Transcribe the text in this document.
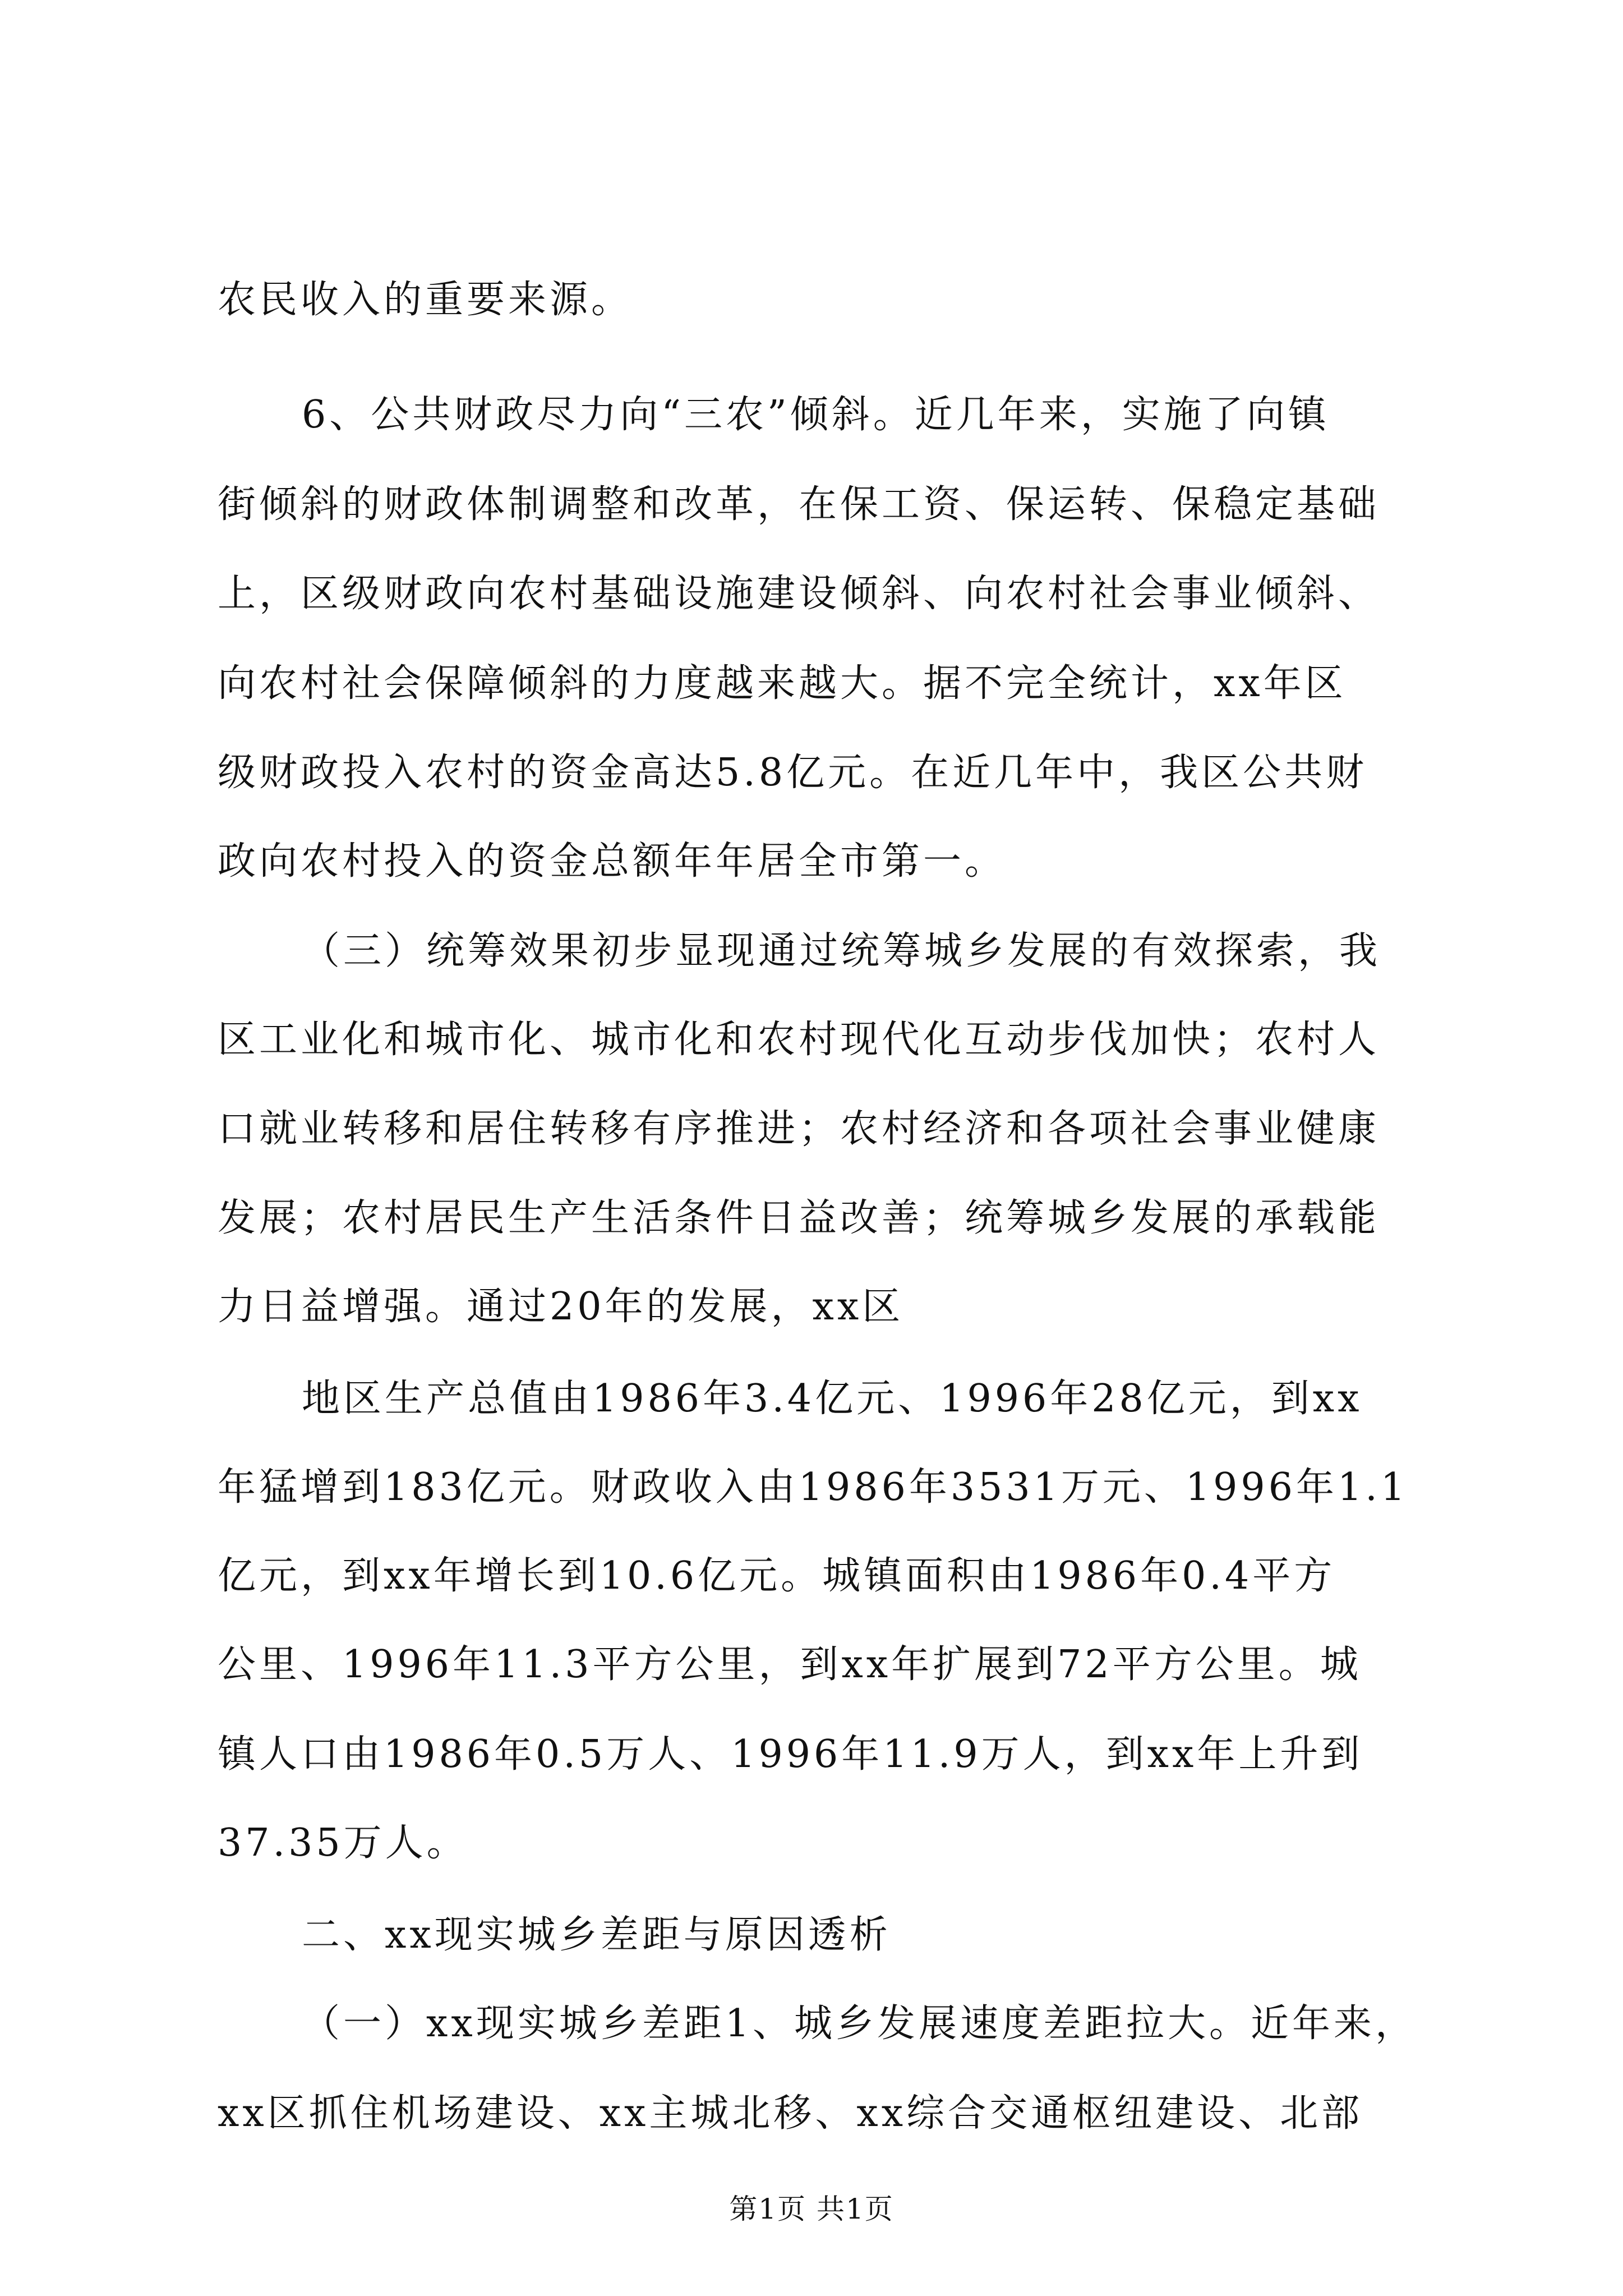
农民收入的重要来源。
6、公共财政尽力向“三农”倾斜。近几年来，实施了向镇
街倾斜的财政体制调整和改革，在保工资、保运转、保稳定基础
上，区级财政向农村基础设施建设倾斜、向农村社会事业倾斜、
向农村社会保障倾斜的力度越来越大。据不完全统计，xx年区
级财政投入农村的资金高达5.8亿元。在近几年中，我区公共财
政向农村投入的资金总额年年居全市第一。
（三）统筹效果初步显现通过统筹城乡发展的有效探索，我
区工业化和城市化、城市化和农村现代化互动步伐加快；农村人
口就业转移和居住转移有序推进；农村经济和各项社会事业健康
发展；农村居民生产生活条件日益改善；统筹城乡发展的承载能
力日益增强。通过20年的发展，xx区
地区生产总值由1986年3.4亿元、1996年28亿元，到xx
年猛增到183亿元。财政收入由1986年3531万元、1996年1.1
亿元，到xx年增长到10.6亿元。城镇面积由1986年0.4平方
公里、1996年11.3平方公里，到xx年扩展到72平方公里。城
镇人口由1986年0.5万人、1996年11.9万人，到xx年上升到
37.35万人。
二、xx现实城乡差距与原因透析
（一）xx现实城乡差距1、城乡发展速度差距拉大。近年来，
xx区抓住机场建设、xx主城北移、xx综合交通枢纽建设、北部
第1页 共1页
